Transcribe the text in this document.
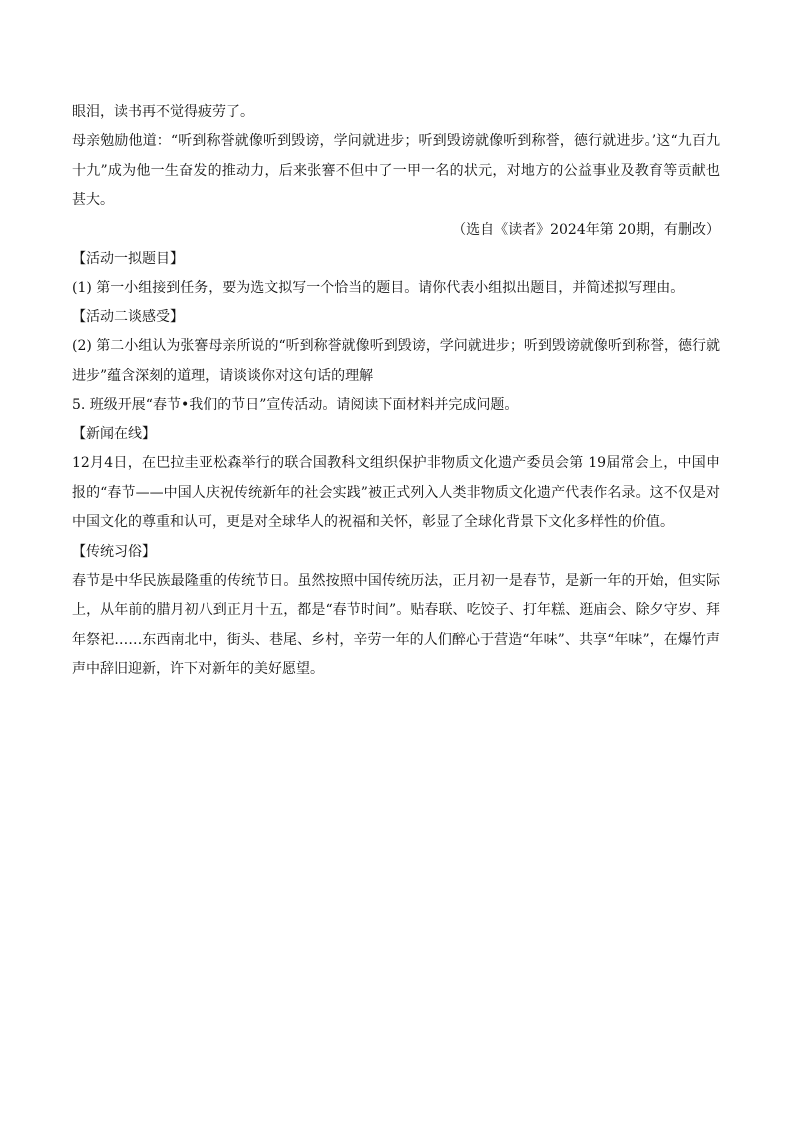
眼泪，读书再不觉得疲劳了。

母亲勉励他道：“听到称誉就像听到毁谤，学问就进步；听到毁谤就像听到称誉，德行就进步。’这“九百九十九”成为他一生奋发的推动力，后来张謇不但中了一甲一名的状元，对地方的公益事业及教育等贡献也甚大。

（选自《读者》2024年第 20期，有删改）

【活动一拟题目】

(1) 第一小组接到任务，要为选文拟写一个恰当的题目。请你代表小组拟出题目，并简述拟写理由。

【活动二谈感受】

(2) 第二小组认为张謇母亲所说的“听到称誉就像听到毁谤，学问就进步；听到毁谤就像听到称誉，德行就进步”蕴含深刻的道理，请谈谈你对这句话的理解

5. 班级开展“春节•我们的节日”宣传活动。请阅读下面材料并完成问题。

【新闻在线】

12月4日，在巴拉圭亚松森举行的联合国教科文组织保护非物质文化遗产委员会第 19届常会上，中国申报的“春节——中国人庆祝传统新年的社会实践”被正式列入人类非物质文化遗产代表作名录。这不仅是对中国文化的尊重和认可，更是对全球华人的祝福和关怀，彰显了全球化背景下文化多样性的价值。

【传统习俗】

春节是中华民族最隆重的传统节日。虽然按照中国传统历法，正月初一是春节，是新一年的开始，但实际上，从年前的腊月初八到正月十五，都是“春节时间”。贴春联、吃饺子、打年糕、逛庙会、除夕守岁、拜年祭祀……东西南北中，街头、巷尾、乡村，辛劳一年的人们醉心于营造“年味”、共享“年味”，在爆竹声声中辞旧迎新，许下对新年的美好愿望。
